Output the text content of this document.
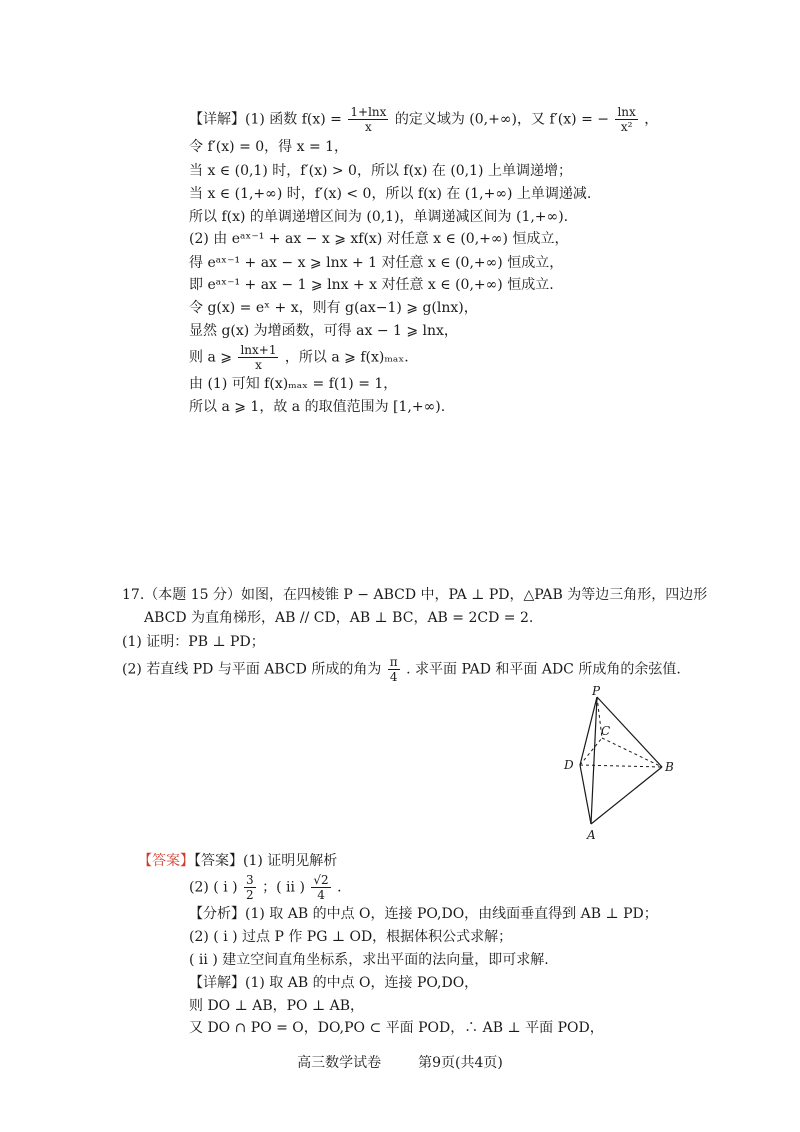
【详解】(1) 函数 $f(x) = \frac{1+\ln x}{x}$ 的定义域为 (0,+∞)，又 f′(x) = − $\frac{\ln x}{\text{x²}}$ ，
令 f′(x) = 0，得 x = 1，
当 x ∈ (0,1) 时，f′(x) > 0，所以 f(x) 在 (0,1) 上单调递增；
当 x ∈ (1,+∞) 时，f′(x) < 0，所以 f(x) 在 (1,+∞) 上单调递减.
所以 f(x) 的单调递增区间为 (0,1)，单调递减区间为 (1,+∞).
(2) 由 eᵃˣ⁻¹ + ax − x ⩾ xf(x) 对任意 x ∈ (0,+∞) 恒成立，
得 eᵃˣ⁻¹ + ax − x ⩾ lnx + 1 对任意 x ∈ (0,+∞) 恒成立，
即 eᵃˣ⁻¹ + ax − 1 ⩾ lnx + x 对任意 x ∈ (0,+∞) 恒成立.
令 g(x) = eˣ + x，则有 g(ax−1) ⩾ g(lnx)，
显然 g(x) 为增函数，可得 ax − 1 ⩾ lnx，
则 a ⩾ $\frac{\ln x+1}{x}$ ，所以 a ⩾ f(x)ₘₐₓ.
由 (1) 可知 f(x)ₘₐₓ = f(1) = 1，
所以 a ⩾ 1，故 a 的取值范围为 [1,+∞).
17.（本题 15 分）如图，在四棱锥 P − ABCD 中，PA ⊥ PD，△PAB 为等边三角形，四边形
ABCD 为直角梯形，AB // CD，AB ⊥ BC，AB = 2CD = 2.
(1) 证明：PB ⊥ PD；
(2) 若直线 PD 与平面 ABCD 所成的角为 $\frac{\pi}{4}$ . 求平面 PAD 和平面 ADC 所成角的余弦值.
P
C
D	B
A
【答案】【答案】(1) 证明见解析
(2) ( ⅰ ) $\frac{3}{2}$ ；( ⅱ ) $\frac{√2}{4}$ .
【分析】(1) 取 AB 的中点 O，连接 PO,DO，由线面垂直得到 AB ⊥ PD；
(2) ( ⅰ ) 过点 P 作 PG ⊥ OD，根据体积公式求解；
( ⅱ ) 建立空间直角坐标系，求出平面的法向量，即可求解.
【详解】(1) 取 AB 的中点 O，连接 PO,DO，
则 DO ⊥ AB，PO ⊥ AB，
又 DO ∩ PO = O，DO,PO ⊂ 平面 POD，∴ AB ⊥ 平面 POD，
高三数学试卷	第9页(共4页)
